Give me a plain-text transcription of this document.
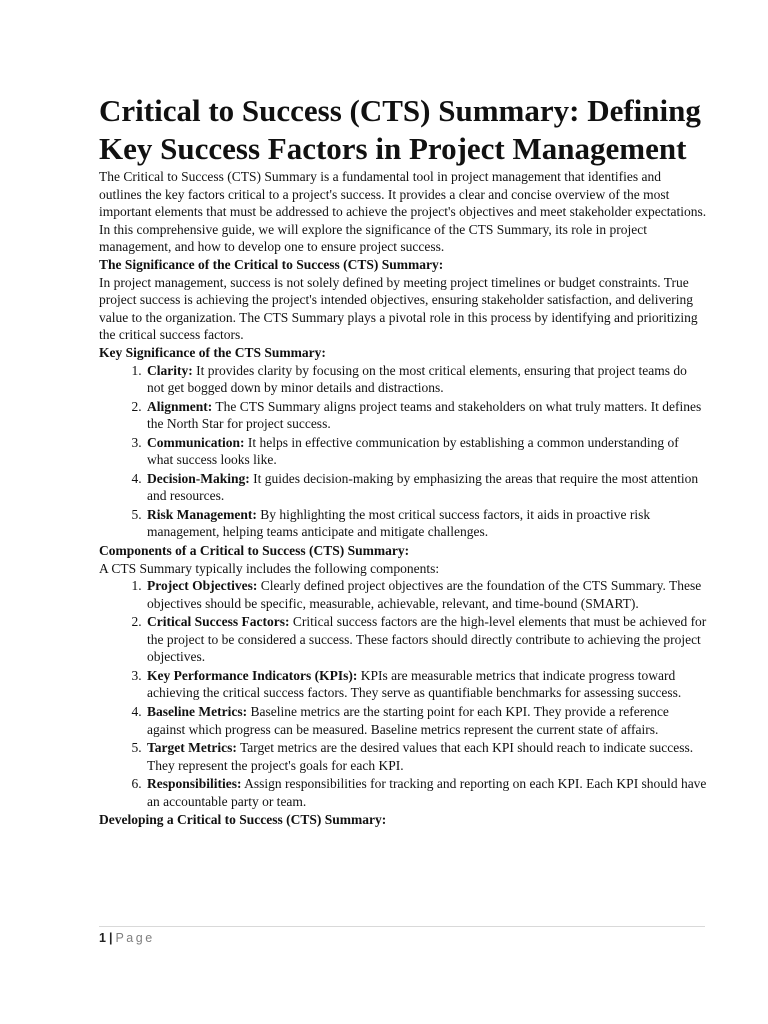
Critical to Success (CTS) Summary: Defining Key Success Factors in Project Management

The Critical to Success (CTS) Summary is a fundamental tool in project management that identifies and outlines the key factors critical to a project's success. It provides a clear and concise overview of the most important elements that must be addressed to achieve the project's objectives and meet stakeholder expectations. In this comprehensive guide, we will explore the significance of the CTS Summary, its role in project management, and how to develop one to ensure project success.

The Significance of the Critical to Success (CTS) Summary:

In project management, success is not solely defined by meeting project timelines or budget constraints. True project success is achieving the project's intended objectives, ensuring stakeholder satisfaction, and delivering value to the organization. The CTS Summary plays a pivotal role in this process by identifying and prioritizing the critical success factors.

Key Significance of the CTS Summary:

1. Clarity: It provides clarity by focusing on the most critical elements, ensuring that project teams do not get bogged down by minor details and distractions.
2. Alignment: The CTS Summary aligns project teams and stakeholders on what truly matters. It defines the North Star for project success.
3. Communication: It helps in effective communication by establishing a common understanding of what success looks like.
4. Decision-Making: It guides decision-making by emphasizing the areas that require the most attention and resources.
5. Risk Management: By highlighting the most critical success factors, it aids in proactive risk management, helping teams anticipate and mitigate challenges.

Components of a Critical to Success (CTS) Summary:

A CTS Summary typically includes the following components:

1. Project Objectives: Clearly defined project objectives are the foundation of the CTS Summary. These objectives should be specific, measurable, achievable, relevant, and time-bound (SMART).
2. Critical Success Factors: Critical success factors are the high-level elements that must be achieved for the project to be considered a success. These factors should directly contribute to achieving the project objectives.
3. Key Performance Indicators (KPIs): KPIs are measurable metrics that indicate progress toward achieving the critical success factors. They serve as quantifiable benchmarks for assessing success.
4. Baseline Metrics: Baseline metrics are the starting point for each KPI. They provide a reference against which progress can be measured. Baseline metrics represent the current state of affairs.
5. Target Metrics: Target metrics are the desired values that each KPI should reach to indicate success. They represent the project's goals for each KPI.
6. Responsibilities: Assign responsibilities for tracking and reporting on each KPI. Each KPI should have an accountable party or team.

Developing a Critical to Success (CTS) Summary:

1 | Page
